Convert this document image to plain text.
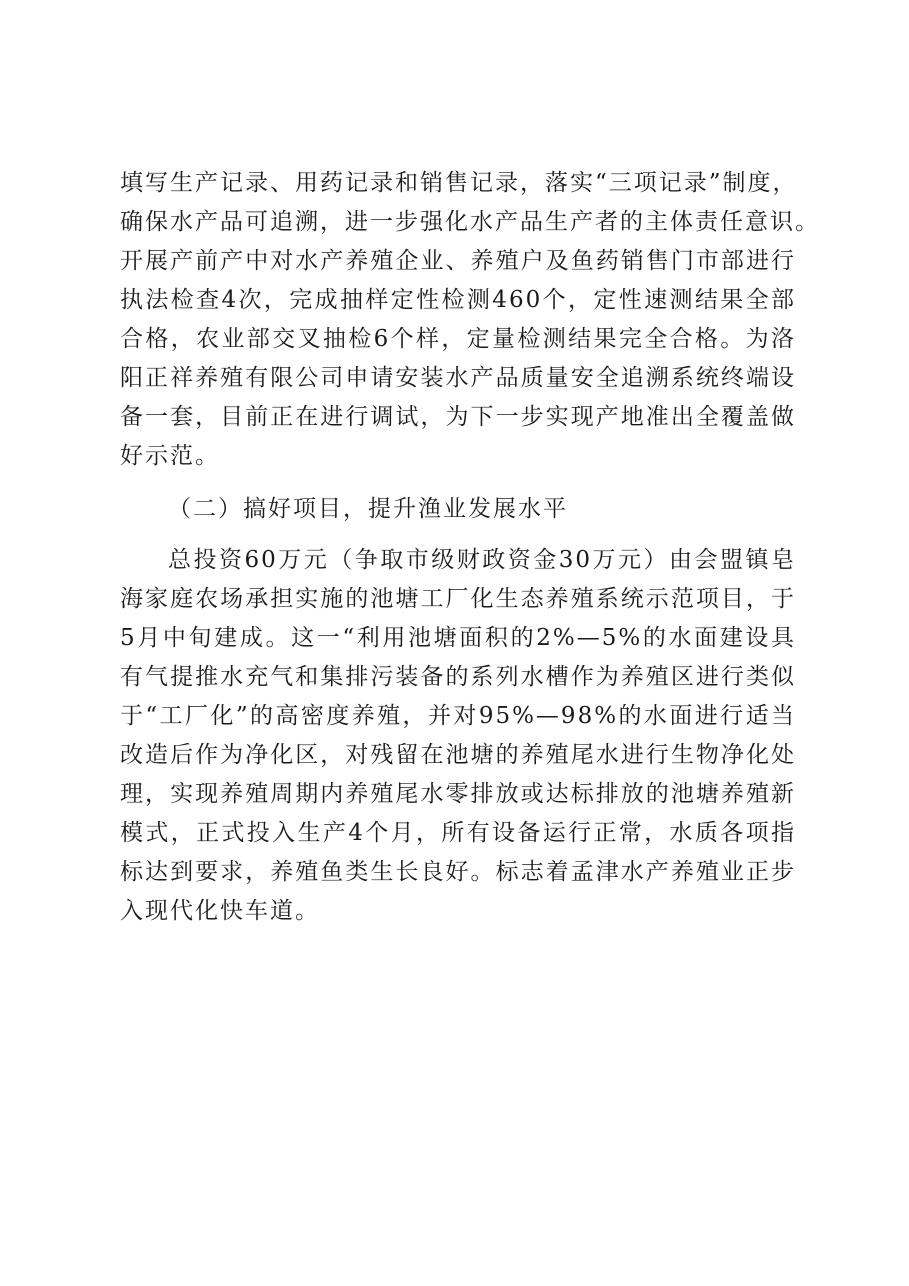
填写生产记录、用药记录和销售记录，落实“三项记录”制度，
确保水产品可追溯，进一步强化水产品生产者的主体责任意识。
开展产前产中对水产养殖企业、养殖户及鱼药销售门市部进行
执法检查4次，完成抽样定性检测460个，定性速测结果全部
合格，农业部交叉抽检6个样，定量检测结果完全合格。为洛
阳正祥养殖有限公司申请安装水产品质量安全追溯系统终端设
备一套，目前正在进行调试，为下一步实现产地准出全覆盖做
好示范。
（二）搞好项目，提升渔业发展水平
总投资60万元（争取市级财政资金30万元）由会盟镇皂
海家庭农场承担实施的池塘工厂化生态养殖系统示范项目，于
5月中旬建成。这一“利用池塘面积的2%—5%的水面建设具
有气提推水充气和集排污装备的系列水槽作为养殖区进行类似
于“工厂化”的高密度养殖，并对95%—98%的水面进行适当
改造后作为净化区，对残留在池塘的养殖尾水进行生物净化处
理，实现养殖周期内养殖尾水零排放或达标排放的池塘养殖新
模式，正式投入生产4个月，所有设备运行正常，水质各项指
标达到要求，养殖鱼类生长良好。标志着孟津水产养殖业正步
入现代化快车道。
